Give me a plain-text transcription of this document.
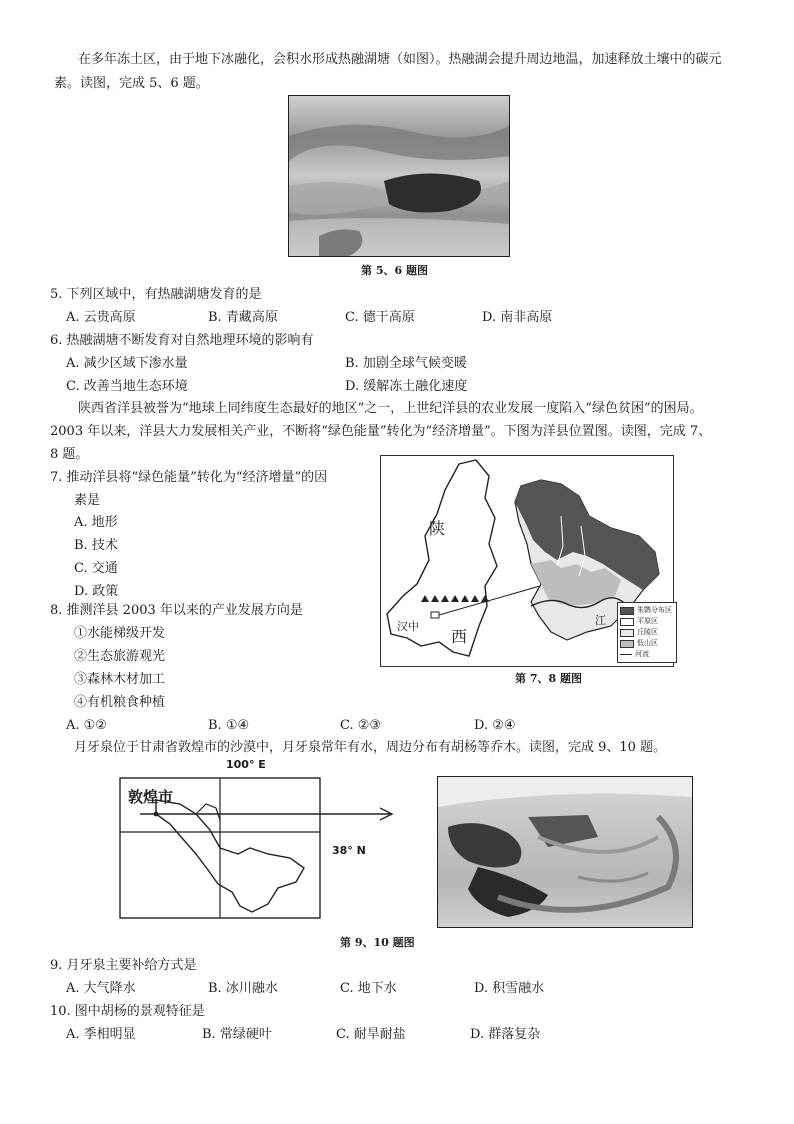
在多年冻土区，由于地下冰融化，会积水形成热融湖塘（如图）。热融湖会提升周边地温，加速释放土壤中的碳元
素。读图，完成 5、6 题。
第 5、6 题图
5. 下列区域中，有热融湖塘发育的是
A. 云贵高原	B. 青藏高原	C. 德干高原	D. 南非高原
6. 热融湖塘不断发育对自然地理环境的影响有
A. 减少区域下渗水量	B. 加剧全球气候变暖
C. 改善当地生态环境	D. 缓解冻土融化速度
陕西省洋县被誉为“地球上同纬度生态最好的地区”之一，上世纪洋县的农业发展一度陷入“绿色贫困”的困局。
2003 年以来，洋县大力发展相关产业，不断将“绿色能量”转化为“经济增量”。下图为洋县位置图。读图，完成 7、
8 题。
7. 推动洋县将“绿色能量”转化为“经济增量”的因
素是
A. 地形
B. 技术
C. 交通
D. 政策
陕
西
汉中	江
朱鹮分布区
平原区
丘陵区
低山区
河流
第 7、8 题图
8. 推测洋县 2003 年以来的产业发展方向是
①水能梯级开发
②生态旅游观光
③森林木材加工
④有机粮食种植
A. ①②	B. ①④	C. ②③	D. ②④
月牙泉位于甘肃省敦煌市的沙漠中，月牙泉常年有水，周边分布有胡杨等乔木。读图，完成 9、10 题。
100° E
敦煌市
38° N
第 9、10 题图
9. 月牙泉主要补给方式是
A. 大气降水	B. 冰川融水	C. 地下水	D. 积雪融水
10. 图中胡杨的景观特征是
A. 季相明显	B. 常绿硬叶	C. 耐旱耐盐	D. 群落复杂
